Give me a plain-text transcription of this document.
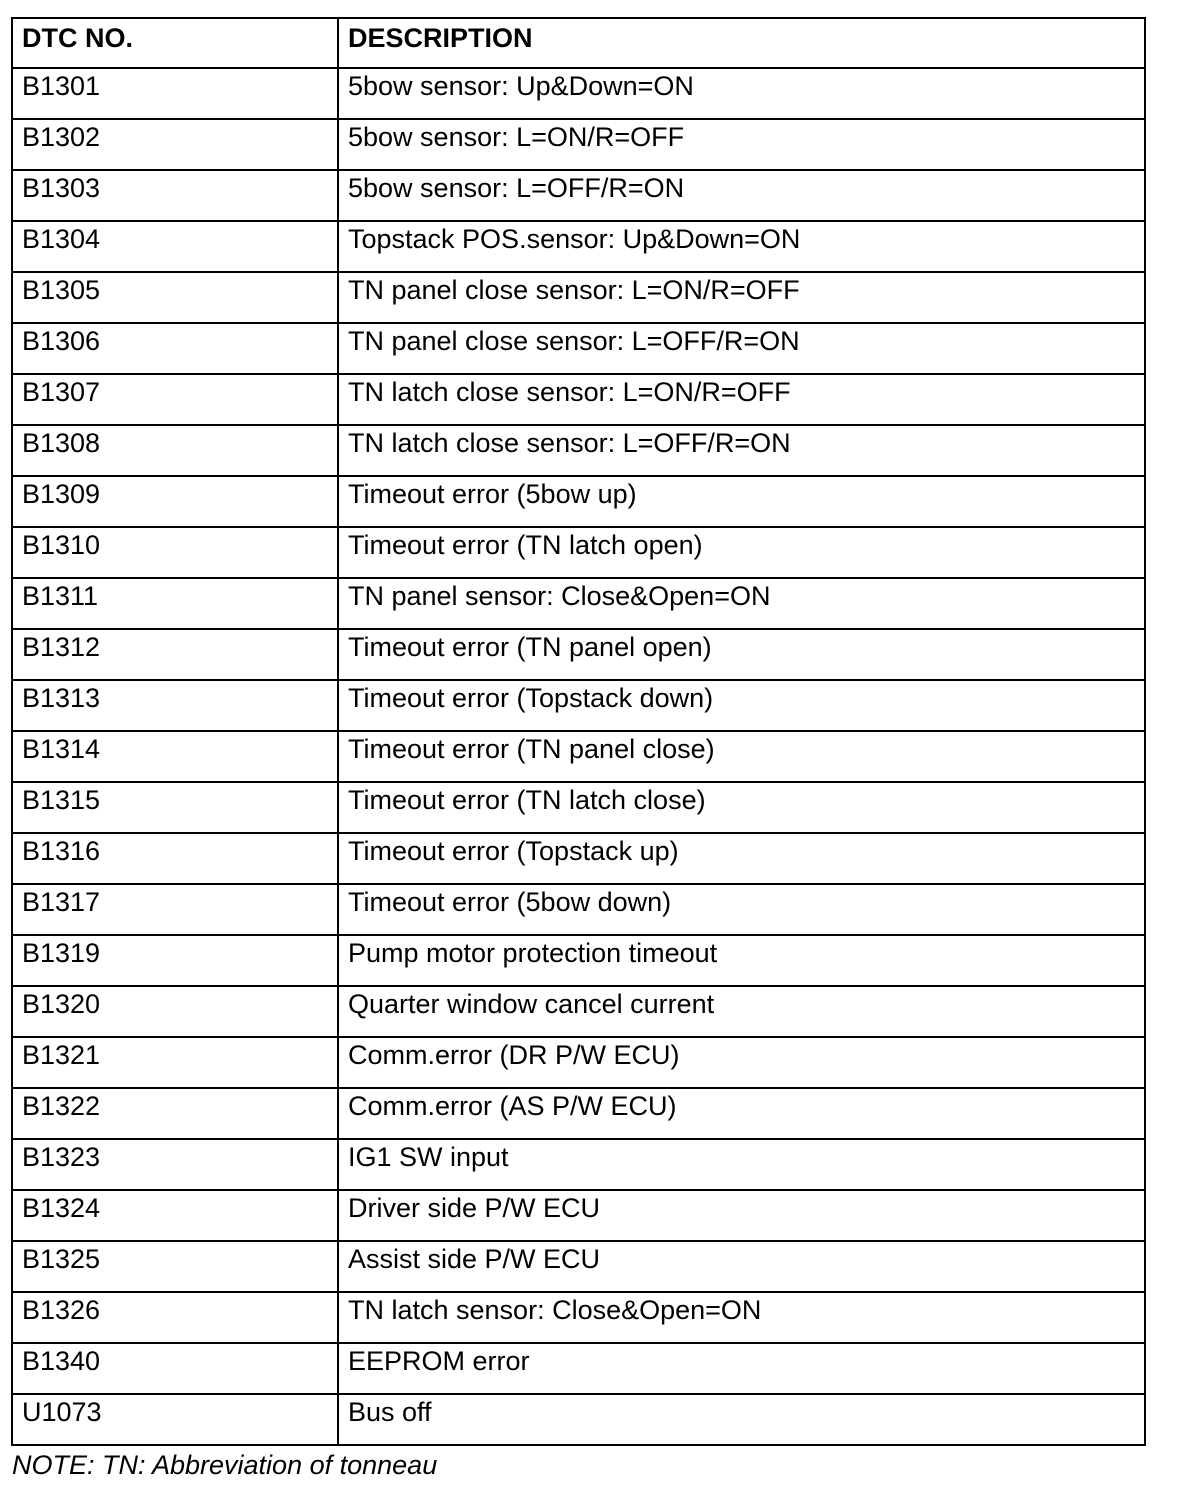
DTC NO.	DESCRIPTION
B1301	5bow sensor: Up&Down=ON
B1302	5bow sensor: L=ON/R=OFF
B1303	5bow sensor: L=OFF/R=ON
B1304	Topstack POS.sensor: Up&Down=ON
B1305	TN panel close sensor: L=ON/R=OFF
B1306	TN panel close sensor: L=OFF/R=ON
B1307	TN latch close sensor: L=ON/R=OFF
B1308	TN latch close sensor: L=OFF/R=ON
B1309	Timeout error (5bow up)
B1310	Timeout error (TN latch open)
B1311	TN panel sensor: Close&Open=ON
B1312	Timeout error (TN panel open)
B1313	Timeout error (Topstack down)
B1314	Timeout error (TN panel close)
B1315	Timeout error (TN latch close)
B1316	Timeout error (Topstack up)
B1317	Timeout error (5bow down)
B1319	Pump motor protection timeout
B1320	Quarter window cancel current
B1321	Comm.error (DR P/W ECU)
B1322	Comm.error (AS P/W ECU)
B1323	IG1 SW input
B1324	Driver side P/W ECU
B1325	Assist side P/W ECU
B1326	TN latch sensor: Close&Open=ON
B1340	EEPROM error
U1073	Bus off
NOTE: TN: Abbreviation of tonneau
